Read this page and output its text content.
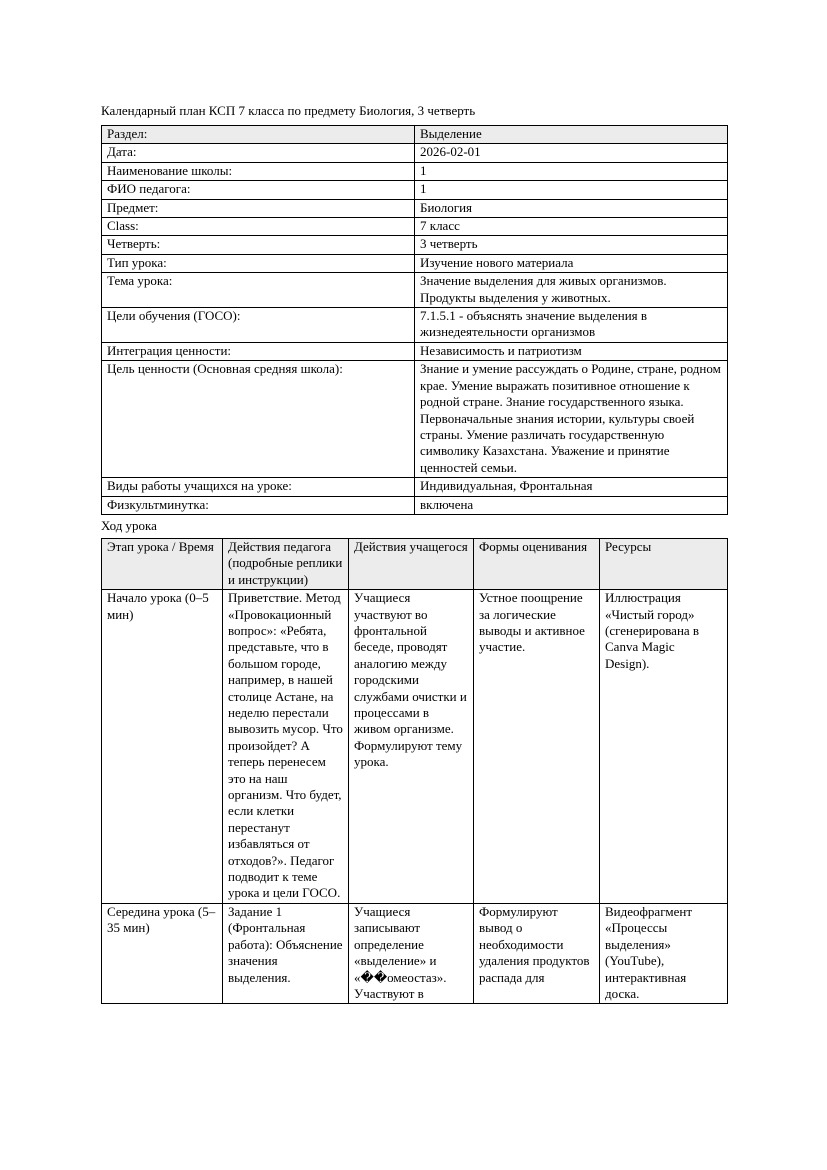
Календарный план КСП 7 класса по предмету Биология, 3 четверть

Раздел:	Выделение
Дата:	2026-02-01
Наименование школы:	1
ФИО педагога:	1
Предмет:	Биология
Class:	7 класс
Четверть:	3 четверть
Тип урока:	Изучение нового материала
Тема урока:	Значение выделения для живых организмов. Продукты выделения у животных.
Цели обучения (ГОСО):	7.1.5.1 - объяснять значение выделения в жизнедеятельности организмов
Интеграция ценности:	Независимость и патриотизм
Цель ценности (Основная средняя школа):	Знание и умение рассуждать о Родине, стране, родном крае. Умение выражать позитивное отношение к родной стране. Знание государственного языка. Первоначальные знания истории, культуры своей страны. Умение различать государственную символику Казахстана. Уважение и принятие ценностей семьи.
Виды работы учащихся на уроке:	Индивидуальная, Фронтальная
Физкультминутка:	включена

Ход урока

Этап урока / Время	Действия педагога (подробные реплики и инструкции)	Действия учащегося	Формы оценивания	Ресурсы
Начало урока (0–5 мин)	Приветствие. Метод «Провокационный вопрос»: «Ребята, представьте, что в большом городе, например, в нашей столице Астане, на неделю перестали вывозить мусор. Что произойдет? А теперь перенесем это на наш организм. Что будет, если клетки перестанут избавляться от отходов?». Педагог подводит к теме урока и цели ГОСО.	Учащиеся участвуют во фронтальной беседе, проводят аналогию между городскими службами очистки и процессами в живом организме. Формулируют тему урока.	Устное поощрение за логические выводы и активное участие.	Иллюстрация «Чистый город» (сгенерирована в Canva Magic Design).
Середина урока (5–35 мин)	Задание 1 (Фронтальная работа): Объяснение значения выделения.	Учащиеся записывают определение «выделение» и «��омеостаз». Участвуют в	Формулируют вывод о необходимости удаления продуктов распада для	Видеофрагмент «Процессы выделения» (YouTube), интерактивная доска.
